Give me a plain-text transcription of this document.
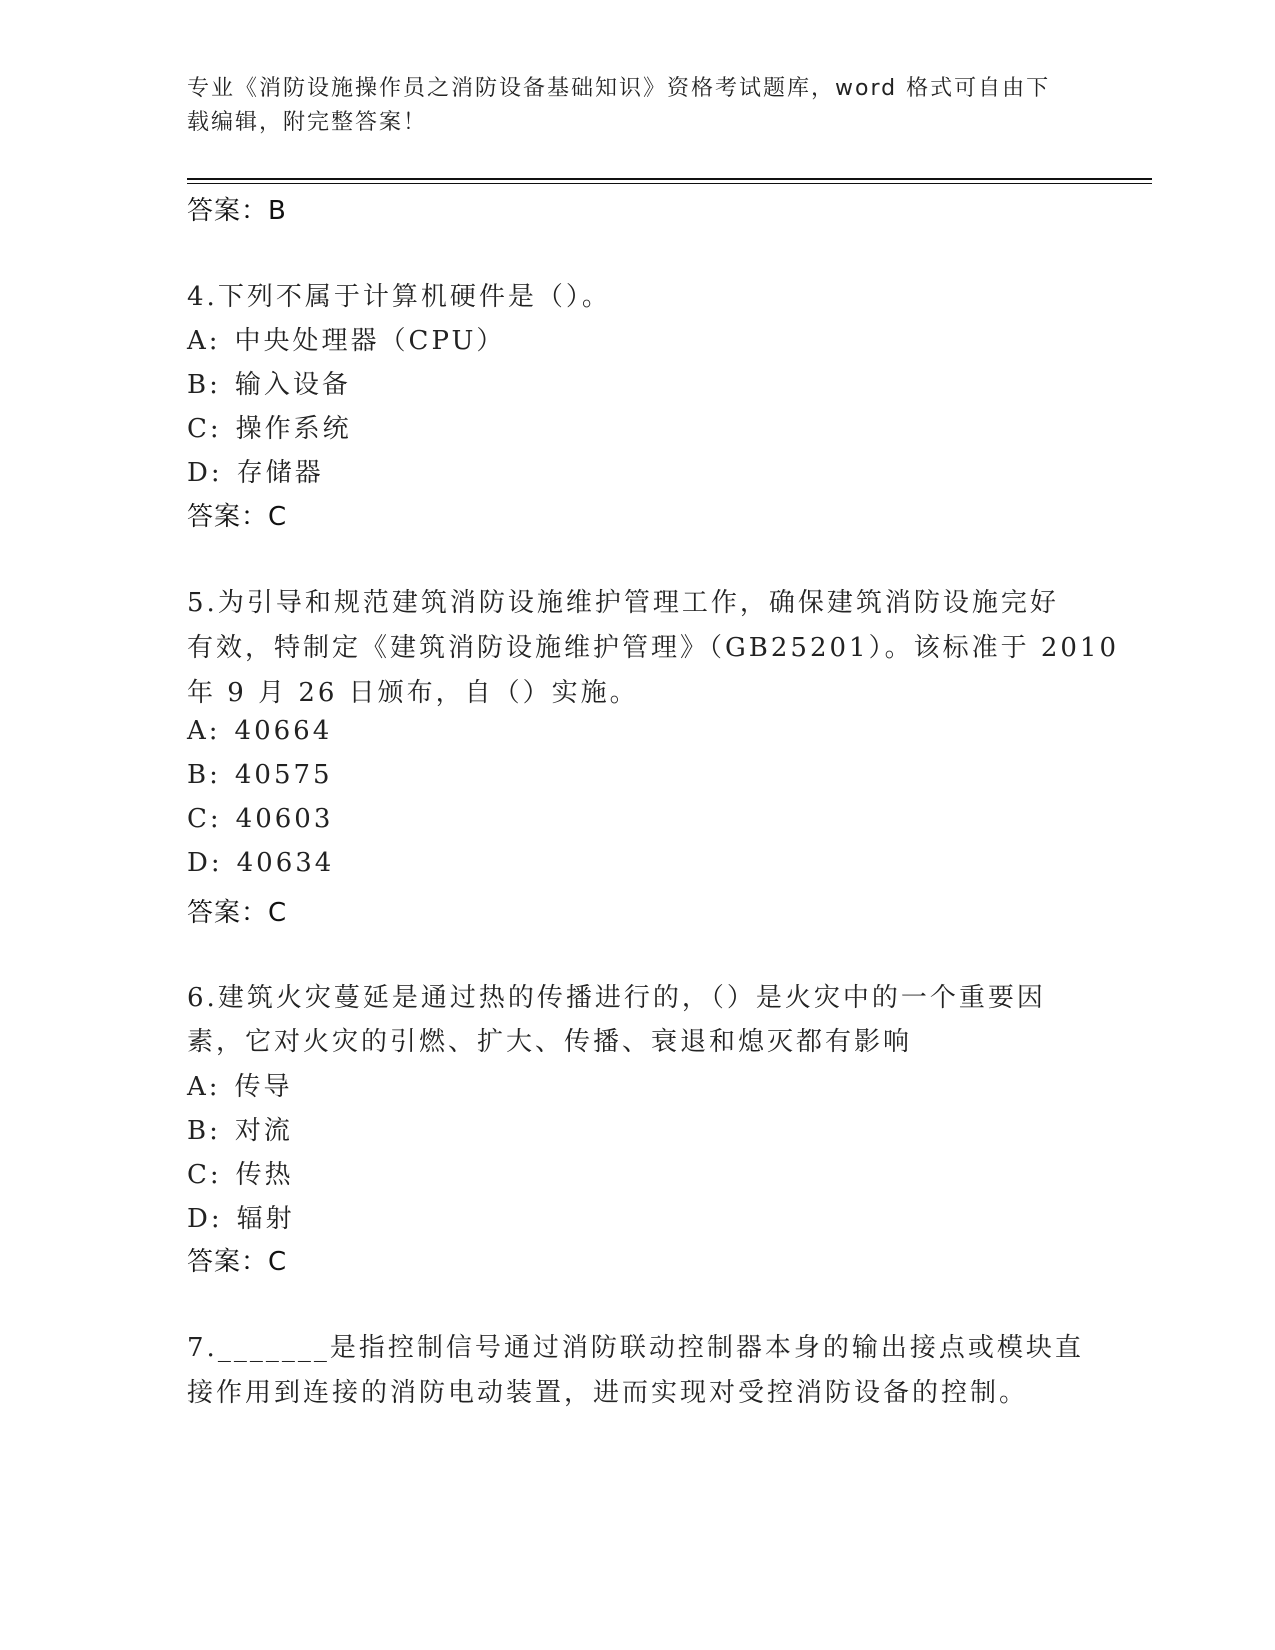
专业《消防设施操作员之消防设备基础知识》资格考试题库，word 格式可自由下
载编辑，附完整答案！
答案：B
4.下列不属于计算机硬件是（）。
A: 中央处理器（CPU）
B: 输入设备
C: 操作系统
D: 存储器
答案：C
5.为引导和规范建筑消防设施维护管理工作，确保建筑消防设施完好
有效，特制定《建筑消防设施维护管理》（GB25201）。该标准于 2010
年 9 月 26 日颁布，自（）实施。
A: 40664
B: 40575
C: 40603
D: 40634
答案：C
6.建筑火灾蔓延是通过热的传播进行的，（）是火灾中的一个重要因
素，它对火灾的引燃、扩大、传播、衰退和熄灭都有影响
A: 传导
B: 对流
C: 传热
D: 辐射
答案：C
7._______是指控制信号通过消防联动控制器本身的输出接点或模块直
接作用到连接的消防电动装置，进而实现对受控消防设备的控制。
